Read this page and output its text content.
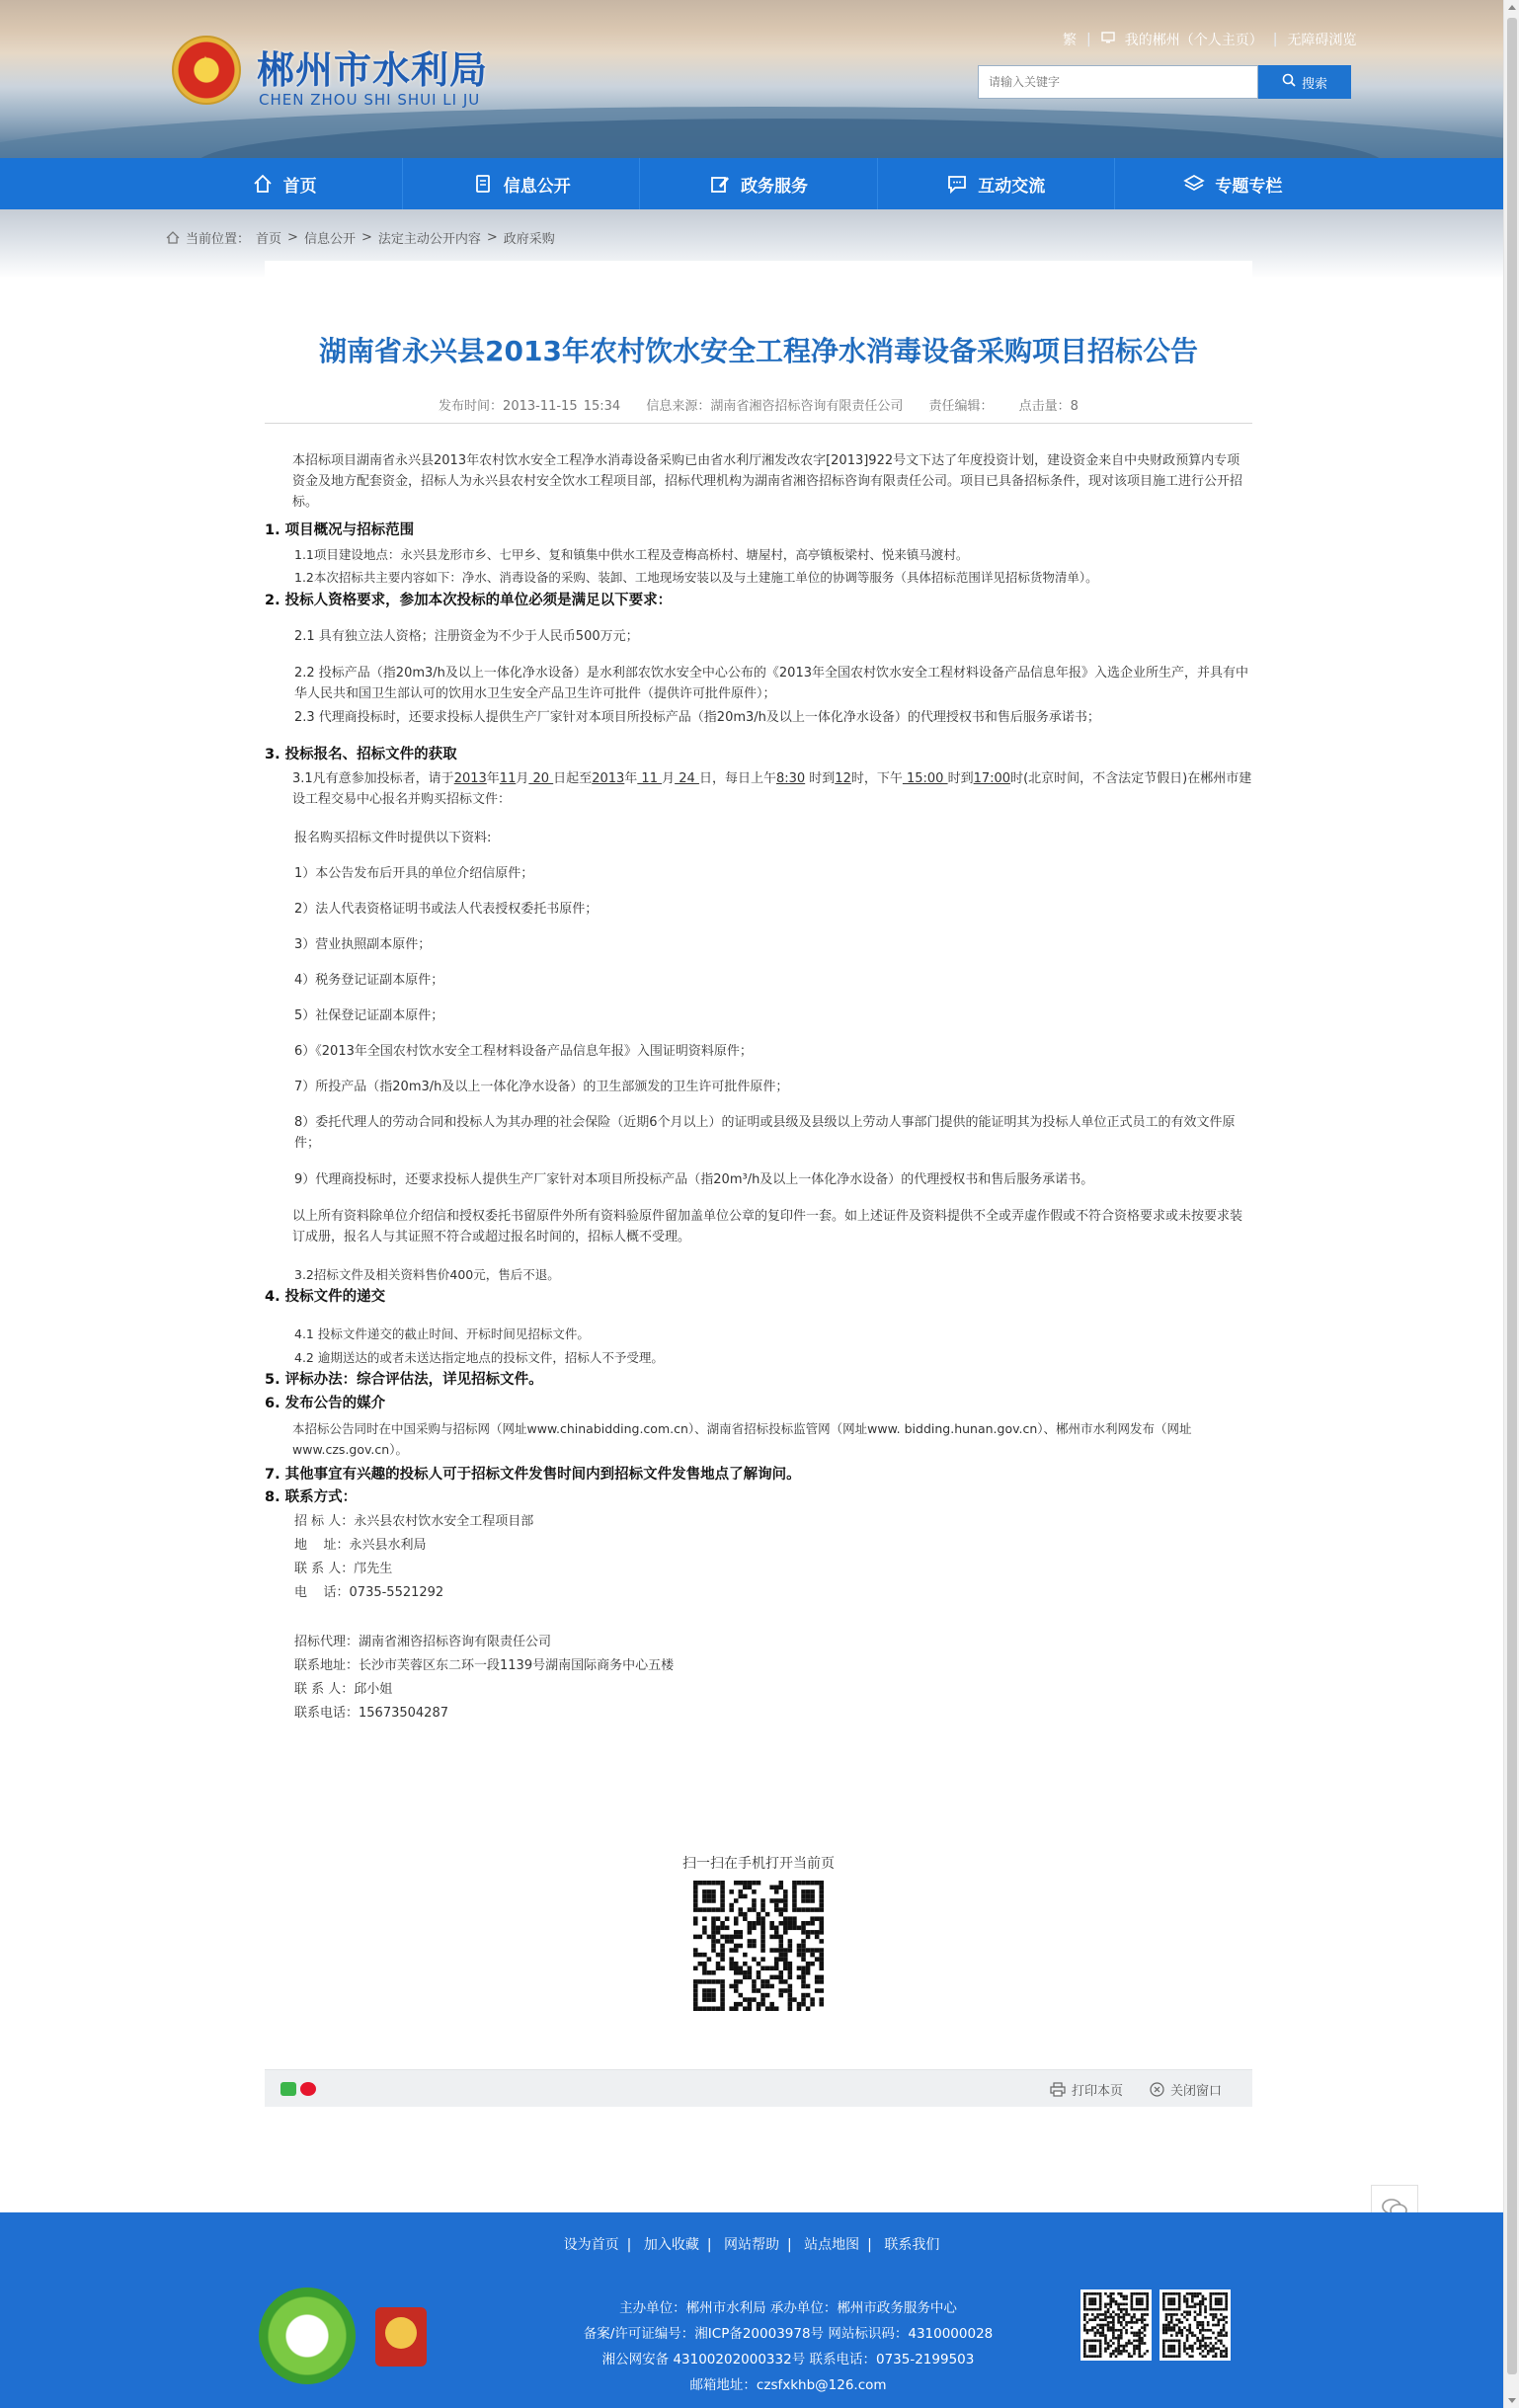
★ 郴州市水利局
CHEN ZHOU SHI SHUI LI JU
繁 | 我的郴州（个人主页） | 无障碍浏览
请输入关键字
搜索
首页	信息公开	政务服务	互动交流	专题专栏
当前位置： 首页 > 信息公开 > 法定主动公开内容 > 政府采购
湖南省永兴县2013年农村饮水安全工程净水消毒设备采购项目招标公告
发布时间：2013-11-15 15:34 信息来源：湖南省湘咨招标咨询有限责任公司 责任编辑： 点击量：8
本招标项目湖南省永兴县2013年农村饮水安全工程净水消毒设备采购已由省水利厅湘发改农字[2013]922号文下达了年度投资计划，建设资金来自中央财政预算内专项资金及地方配套资金，招标人为永兴县农村安全饮水工程项目部，招标代理机构为湖南省湘咨招标咨询有限责任公司。项目已具备招标条件，现对该项目施工进行公开招标。
1. 项目概况与招标范围
1.1项目建设地点：永兴县龙形市乡、七甲乡、复和镇集中供水工程及壹梅高桥村、塘屋村，高亭镇板梁村、悦来镇马渡村。
1.2本次招标共主要内容如下：净水、消毒设备的采购、装卸、工地现场安装以及与土建施工单位的协调等服务（具体招标范围详见招标货物清单）。
2. 投标人资格要求，参加本次投标的单位必须是满足以下要求：
2.1 具有独立法人资格；注册资金为不少于人民币500万元；
2.2 投标产品（指20m3/h及以上一体化净水设备）是水利部农饮水安全中心公布的《2013年全国农村饮水安全工程材料设备产品信息年报》入选企业所生产，并具有中华人民共和国卫生部认可的饮用水卫生安全产品卫生许可批件（提供许可批件原件）；
2.3 代理商投标时，还要求投标人提供生产厂家针对本项目所投标产品（指20m3/h及以上一体化净水设备）的代理授权书和售后服务承诺书；
3. 投标报名、招标文件的获取
3.1凡有意参加投标者，请于2013年11月 20 日起至2013年 11 月 24 日，每日上午8:30 时到12时，下午 15:00 时到17:00时(北京时间，不含法定节假日)在郴州市建设工程交易中心报名并购买招标文件：
报名购买招标文件时提供以下资料:
1）本公告发布后开具的单位介绍信原件；
2）法人代表资格证明书或法人代表授权委托书原件；
3）营业执照副本原件；
4）税务登记证副本原件；
5）社保登记证副本原件；
6）《2013年全国农村饮水安全工程材料设备产品信息年报》入围证明资料原件；
7）所投产品（指20m3/h及以上一体化净水设备）的卫生部颁发的卫生许可批件原件；
8）委托代理人的劳动合同和投标人为其办理的社会保险（近期6个月以上）的证明或县级及县级以上劳动人事部门提供的能证明其为投标人单位正式员工的有效文件原件；
9）代理商投标时，还要求投标人提供生产厂家针对本项目所投标产品（指20m³/h及以上一体化净水设备）的代理授权书和售后服务承诺书。
以上所有资料除单位介绍信和授权委托书留原件外所有资料验原件留加盖单位公章的复印件一套。如上述证件及资料提供不全或弄虚作假或不符合资格要求或未按要求装订成册，报名人与其证照不符合或超过报名时间的，招标人概不受理。
3.2招标文件及相关资料售价400元，售后不退。
4. 投标文件的递交
4.1 投标文件递交的截止时间、开标时间见招标文件。
4.2 逾期送达的或者未送达指定地点的投标文件，招标人不予受理。
5. 评标办法：综合评估法，详见招标文件。
6. 发布公告的媒介
本招标公告同时在中国采购与招标网（网址www.chinabidding.com.cn）、湖南省招标投标监管网（网址www. bidding.hunan.gov.cn）、郴州市水利网发布（网址www.czs.gov.cn）。
7. 其他事宜有兴趣的投标人可于招标文件发售时间内到招标文件发售地点了解询问。
8. 联系方式：
招 标 人：永兴县农村饮水安全工程项目部
地    址：永兴县水利局
联 系 人：邝先生
电    话：0735-5521292
招标代理：湖南省湘咨招标咨询有限责任公司
联系地址：长沙市芙蓉区东二环一段1139号湖南国际商务中心五楼
联 系 人：邱小姐
联系电话：15673504287
扫一扫在手机打开当前页
打印本页	关闭窗口
设为首页 | 加入收藏 | 网站帮助 | 站点地图 | 联系我们
主办单位：郴州市水利局 承办单位：郴州市政务服务中心
备案/许可证编号：湘ICP备20003978号 网站标识码：4310000028
湘公网安备 43100202000332号 联系电话：0735-2199503
邮箱地址：czsfxkhb@126.com
